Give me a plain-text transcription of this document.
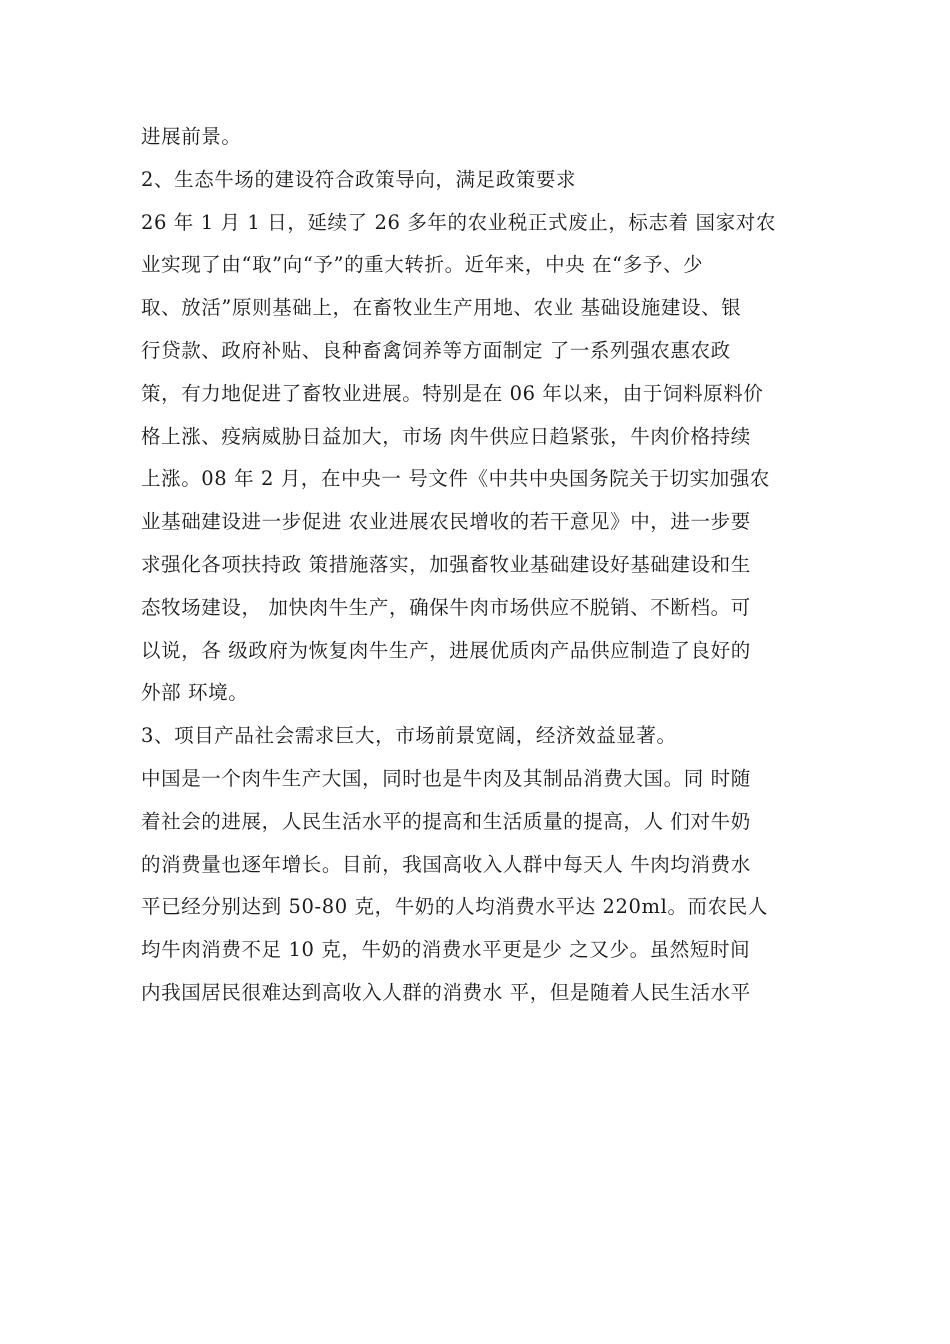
进展前景。
2、生态牛场的建设符合政策导向，满足政策要求
26 年 1 月 1 日，延续了 26 多年的农业税正式废止，标志着 国家对农
业实现了由“取”向“予”的重大转折。近年来，中央 在“多予、少
取、放活”原则基础上，在畜牧业生产用地、农业 基础设施建设、银
行贷款、政府补贴、良种畜禽饲养等方面制定 了一系列强农惠农政
策，有力地促进了畜牧业进展。特别是在 06 年以来，由于饲料原料价
格上涨、疫病威胁日益加大，市场 肉牛供应日趋紧张，牛肉价格持续
上涨。08 年 2 月，在中央一 号文件《中共中央国务院关于切实加强农
业基础建设进一步促进 农业进展农民增收的若干意见》中，进一步要
求强化各项扶持政 策措施落实，加强畜牧业基础建设好基础建设和生
态牧场建设， 加快肉牛生产，确保牛肉市场供应不脱销、不断档。可
以说，各 级政府为恢复肉牛生产，进展优质肉产品供应制造了良好的
外部 环境。
3、项目产品社会需求巨大，市场前景宽阔，经济效益显著。
中国是一个肉牛生产大国，同时也是牛肉及其制品消费大国。同 时随
着社会的进展，人民生活水平的提高和生活质量的提高，人 们对牛奶
的消费量也逐年增长。目前，我国高收入人群中每天人 牛肉均消费水
平已经分别达到 50-80 克，牛奶的人均消费水平达 220ml。而农民人
均牛肉消费不足 10 克，牛奶的消费水平更是少 之又少。虽然短时间
内我国居民很难达到高收入人群的消费水 平，但是随着人民生活水平
